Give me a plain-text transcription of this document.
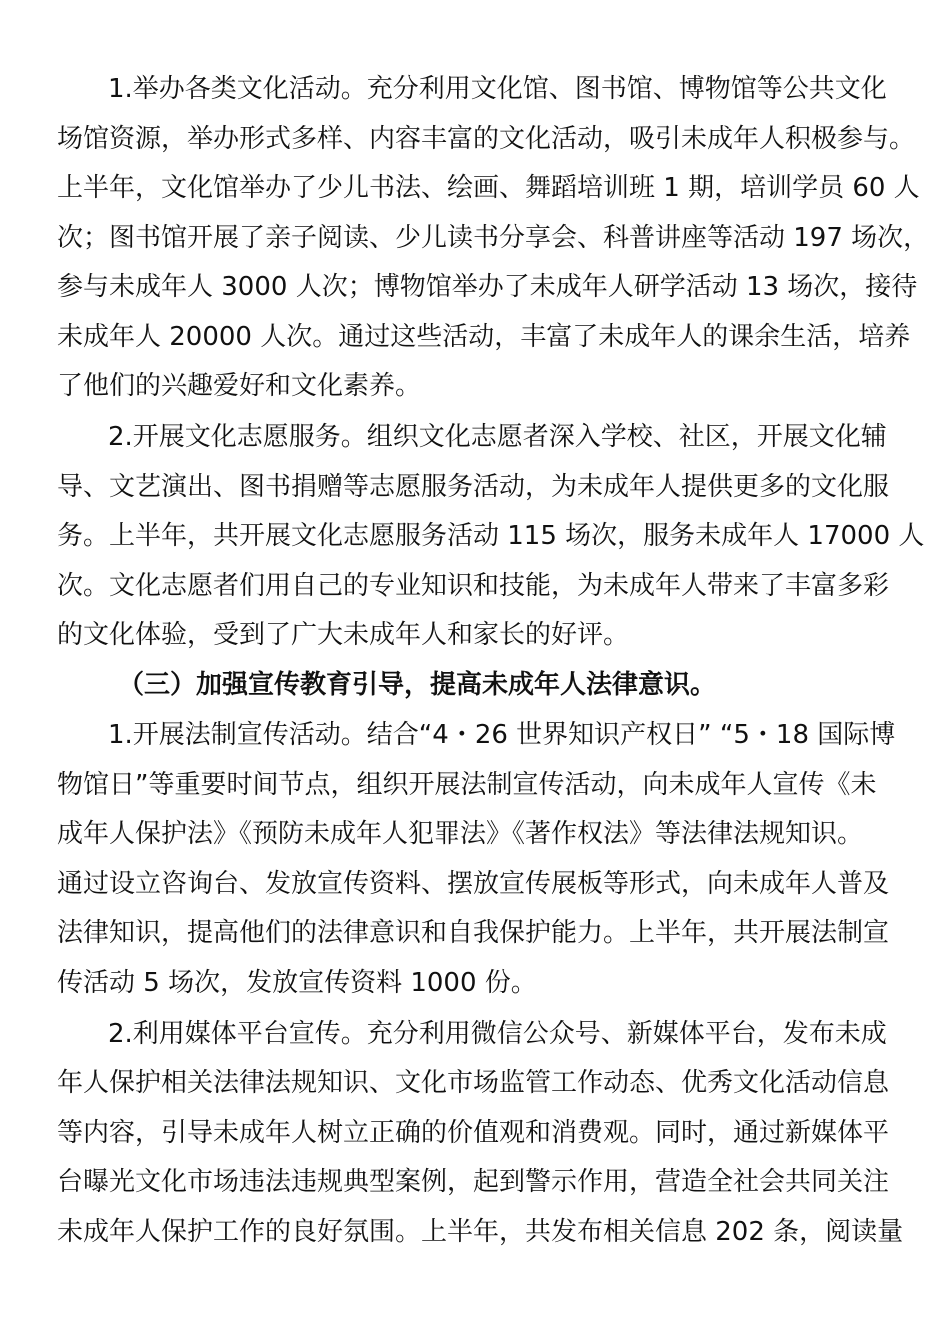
1.举办各类文化活动。充分利用文化馆、图书馆、博物馆等公共文化
场馆资源，举办形式多样、内容丰富的文化活动，吸引未成年人积极参与。
上半年，文化馆举办了少儿书法、绘画、舞蹈培训班 1 期，培训学员 60 人
次；图书馆开展了亲子阅读、少儿读书分享会、科普讲座等活动 197 场次，
参与未成年人 3000 人次；博物馆举办了未成年人研学活动 13 场次，接待
未成年人 20000 人次。通过这些活动，丰富了未成年人的课余生活，培养
了他们的兴趣爱好和文化素养。
2.开展文化志愿服务。组织文化志愿者深入学校、社区，开展文化辅
导、文艺演出、图书捐赠等志愿服务活动，为未成年人提供更多的文化服
务。上半年，共开展文化志愿服务活动 115 场次，服务未成年人 17000 人
次。文化志愿者们用自己的专业知识和技能，为未成年人带来了丰富多彩
的文化体验，受到了广大未成年人和家长的好评。
（三）加强宣传教育引导，提高未成年人法律意识。
1.开展法制宣传活动。结合“4・26 世界知识产权日” “5・18 国际博
物馆日”等重要时间节点，组织开展法制宣传活动，向未成年人宣传《未
成年人保护法》《预防未成年人犯罪法》《著作权法》等法律法规知识。
通过设立咨询台、发放宣传资料、摆放宣传展板等形式，向未成年人普及
法律知识，提高他们的法律意识和自我保护能力。上半年，共开展法制宣
传活动 5 场次，发放宣传资料 1000 份。
2.利用媒体平台宣传。充分利用微信公众号、新媒体平台，发布未成
年人保护相关法律法规知识、文化市场监管工作动态、优秀文化活动信息
等内容，引导未成年人树立正确的价值观和消费观。同时，通过新媒体平
台曝光文化市场违法违规典型案例，起到警示作用，营造全社会共同关注
未成年人保护工作的良好氛围。上半年，共发布相关信息 202 条，阅读量
